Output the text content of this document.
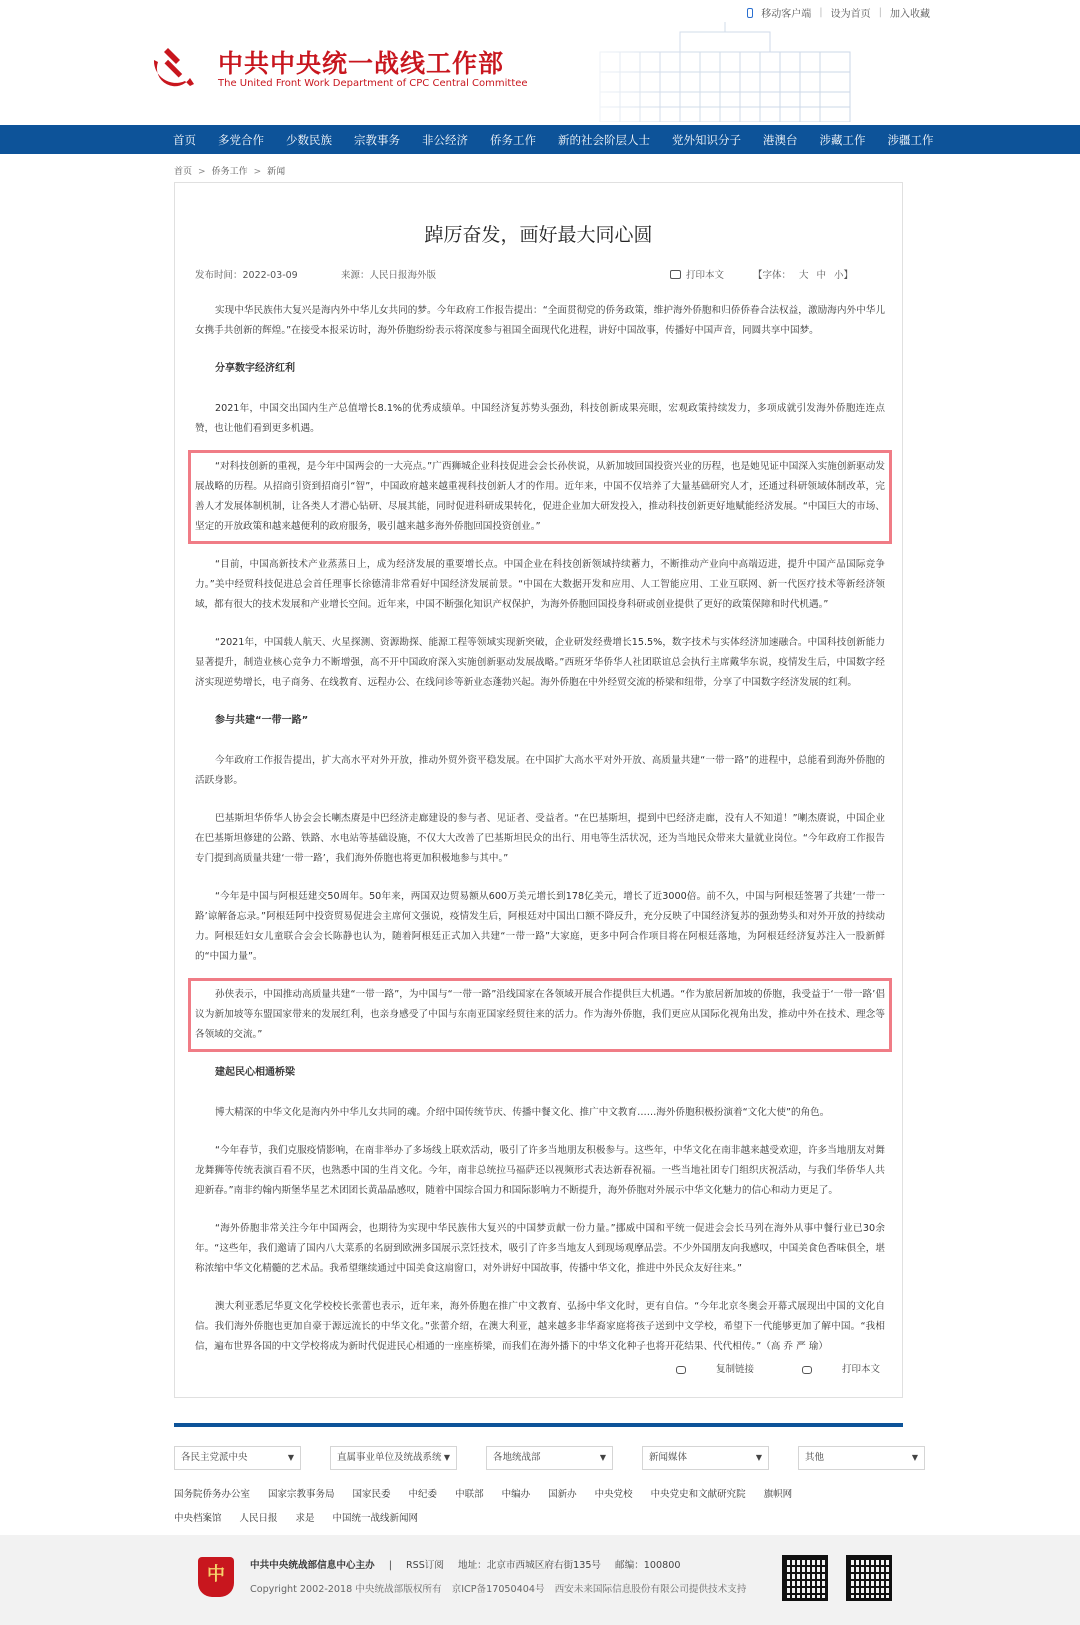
移动客户端 | 设为首页 | 加入收藏
中共中央统一战线工作部
The United Front Work Department of CPC Central Committee
首页 多党合作 少数民族 宗教事务 非公经济 侨务工作 新的社会阶层人士 党外知识分子 港澳台 涉藏工作 涉疆工作
首页 > 侨务工作 > 新闻
踔厉奋发，画好最大同心圆
发布时间：2022-03-09	来源：人民日报海外版	打印本文	【字体： 大 中 小】

实现中华民族伟大复兴是海内外中华儿女共同的梦。今年政府工作报告提出：“全面贯彻党的侨务政策，维护海外侨胞和归侨侨眷合法权益，激励海内外中华儿女携手共创新的辉煌。”在接受本报采访时，海外侨胞纷纷表示将深度参与祖国全面现代化进程，讲好中国故事，传播好中国声音，同圆共享中国梦。

分享数字经济红利

2021年，中国交出国内生产总值增长8.1%的优秀成绩单。中国经济复苏势头强劲，科技创新成果亮眼，宏观政策持续发力，多项成就引发海外侨胞连连点赞，也让他们看到更多机遇。

“对科技创新的重视，是今年中国两会的一大亮点。”广西狮城企业科技促进会会长孙侠说，从新加坡回国投资兴业的历程，也是她见证中国深入实施创新驱动发展战略的历程。从招商引资到招商引“智”，中国政府越来越重视科技创新人才的作用。近年来，中国不仅培养了大量基础研究人才，还通过科研领域体制改革，完善人才发展体制机制，让各类人才潜心钻研、尽展其能，同时促进科研成果转化，促进企业加大研发投入，推动科技创新更好地赋能经济发展。“中国巨大的市场、坚定的开放政策和越来越便利的政府服务，吸引越来越多海外侨胞回国投资创业。”

“目前，中国高新技术产业蒸蒸日上，成为经济发展的重要增长点。中国企业在科技创新领域持续蓄力，不断推动产业向中高端迈进，提升中国产品国际竞争力。”美中经贸科技促进总会首任理事长徐德清非常看好中国经济发展前景。“中国在大数据开发和应用、人工智能应用、工业互联网、新一代医疗技术等新经济领域，都有很大的技术发展和产业增长空间。近年来，中国不断强化知识产权保护，为海外侨胞回国投身科研或创业提供了更好的政策保障和时代机遇。”

“2021年，中国载人航天、火星探测、资源勘探、能源工程等领域实现新突破，企业研发经费增长15.5%，数字技术与实体经济加速融合。中国科技创新能力显著提升，制造业核心竞争力不断增强，高不开中国政府深入实施创新驱动发展战略。”西班牙华侨华人社团联谊总会执行主席戴华东说，疫情发生后，中国数字经济实现逆势增长，电子商务、在线教育、远程办公、在线问诊等新业态蓬勃兴起。海外侨胞在中外经贸交流的桥梁和纽带，分享了中国数字经济发展的红利。

参与共建“一带一路”

今年政府工作报告提出，扩大高水平对外开放，推动外贸外资平稳发展。在中国扩大高水平对外开放、高质量共建“一带一路”的进程中，总能看到海外侨胞的活跃身影。

巴基斯坦华侨华人协会会长喇杰赓是中巴经济走廊建设的参与者、见证者、受益者。“在巴基斯坦，提到中巴经济走廊，没有人不知道！”喇杰赓说，中国企业在巴基斯坦修建的公路、铁路、水电站等基础设施，不仅大大改善了巴基斯坦民众的出行、用电等生活状况，还为当地民众带来大量就业岗位。“今年政府工作报告专门提到高质量共建‘一带一路’，我们海外侨胞也将更加积极地参与其中。”

“今年是中国与阿根廷建交50周年。50年来，两国双边贸易额从600万美元增长到178亿美元，增长了近3000倍。前不久，中国与阿根廷签署了共建‘一带一路’谅解备忘录。”阿根廷阿中投资贸易促进会主席何文强说，疫情发生后，阿根廷对中国出口额不降反升，充分反映了中国经济复苏的强劲势头和对外开放的持续动力。阿根廷妇女儿童联合会会长陈静也认为，随着阿根廷正式加入共建“一带一路”大家庭，更多中阿合作项目将在阿根廷落地，为阿根廷经济复苏注入一股新鲜的“中国力量”。

孙侠表示，中国推动高质量共建“一带一路”，为中国与“一带一路”沿线国家在各领域开展合作提供巨大机遇。“作为旅居新加坡的侨胞，我受益于‘一带一路’倡议为新加坡等东盟国家带来的发展红利，也亲身感受了中国与东南亚国家经贸往来的活力。作为海外侨胞，我们更应从国际化视角出发，推动中外在技术、理念等各领域的交流。”

建起民心相通桥梁

博大精深的中华文化是海内外中华儿女共同的魂。介绍中国传统节庆、传播中餐文化、推广中文教育……海外侨胞积极扮演着“文化大使”的角色。

“今年春节，我们克服疫情影响，在南非举办了多场线上联欢活动，吸引了许多当地朋友积极参与。这些年，中华文化在南非越来越受欢迎，许多当地朋友对舞龙舞狮等传统表演百看不厌，也熟悉中国的生肖文化。今年，南非总统拉马福萨还以视频形式表达新春祝福。一些当地社团专门组织庆祝活动，与我们华侨华人共迎新春。”南非约翰内斯堡华星艺术团团长黄晶晶感叹，随着中国综合国力和国际影响力不断提升，海外侨胞对外展示中华文化魅力的信心和动力更足了。

“海外侨胞非常关注今年中国两会，也期待为实现中华民族伟大复兴的中国梦贡献一份力量。”挪威中国和平统一促进会会长马列在海外从事中餐行业已30余年。“这些年，我们邀请了国内八大菜系的名厨到欧洲多国展示烹饪技术，吸引了许多当地友人到现场观摩品尝。不少外国朋友向我感叹，中国美食色香味俱全，堪称浓缩中华文化精髓的艺术品。我希望继续通过中国美食这扇窗口，对外讲好中国故事，传播中华文化，推进中外民众友好往来。”

澳大利亚悉尼华夏文化学校校长张蕾也表示，近年来，海外侨胞在推广中文教育、弘扬中华文化时，更有自信。“今年北京冬奥会开幕式展现出中国的文化自信。我们海外侨胞也更加自豪于源远流长的中华文化。”张蕾介绍，在澳大利亚，越来越多非华裔家庭将孩子送到中文学校，希望下一代能够更加了解中国。“我相信，遍布世界各国的中文学校将成为新时代促进民心相通的一座座桥梁，而我们在海外播下的中华文化种子也将开花结果、代代相传。”（高 乔 严 瑜）

复制链接	打印本文
各民主党派中央	▼	直属事业单位及统战系统 ▼	各地统战部	▼	新闻媒体	▼	其他	▼
国务院侨务办公室 国家宗教事务局 国家民委 中纪委 中联部 中编办 国新办 中央党校 中央党史和文献研究院 旗帜网
中央档案馆 人民日报 求是 中国统一战线新闻网
中	中共中央统战部信息中心主办 | RSS订阅 地址：北京市西城区府右街135号 邮编：100800
Copyright 2002-2018 中央统战部版权所有 京ICP备17050404号 西安未来国际信息股份有限公司提供技术支持
